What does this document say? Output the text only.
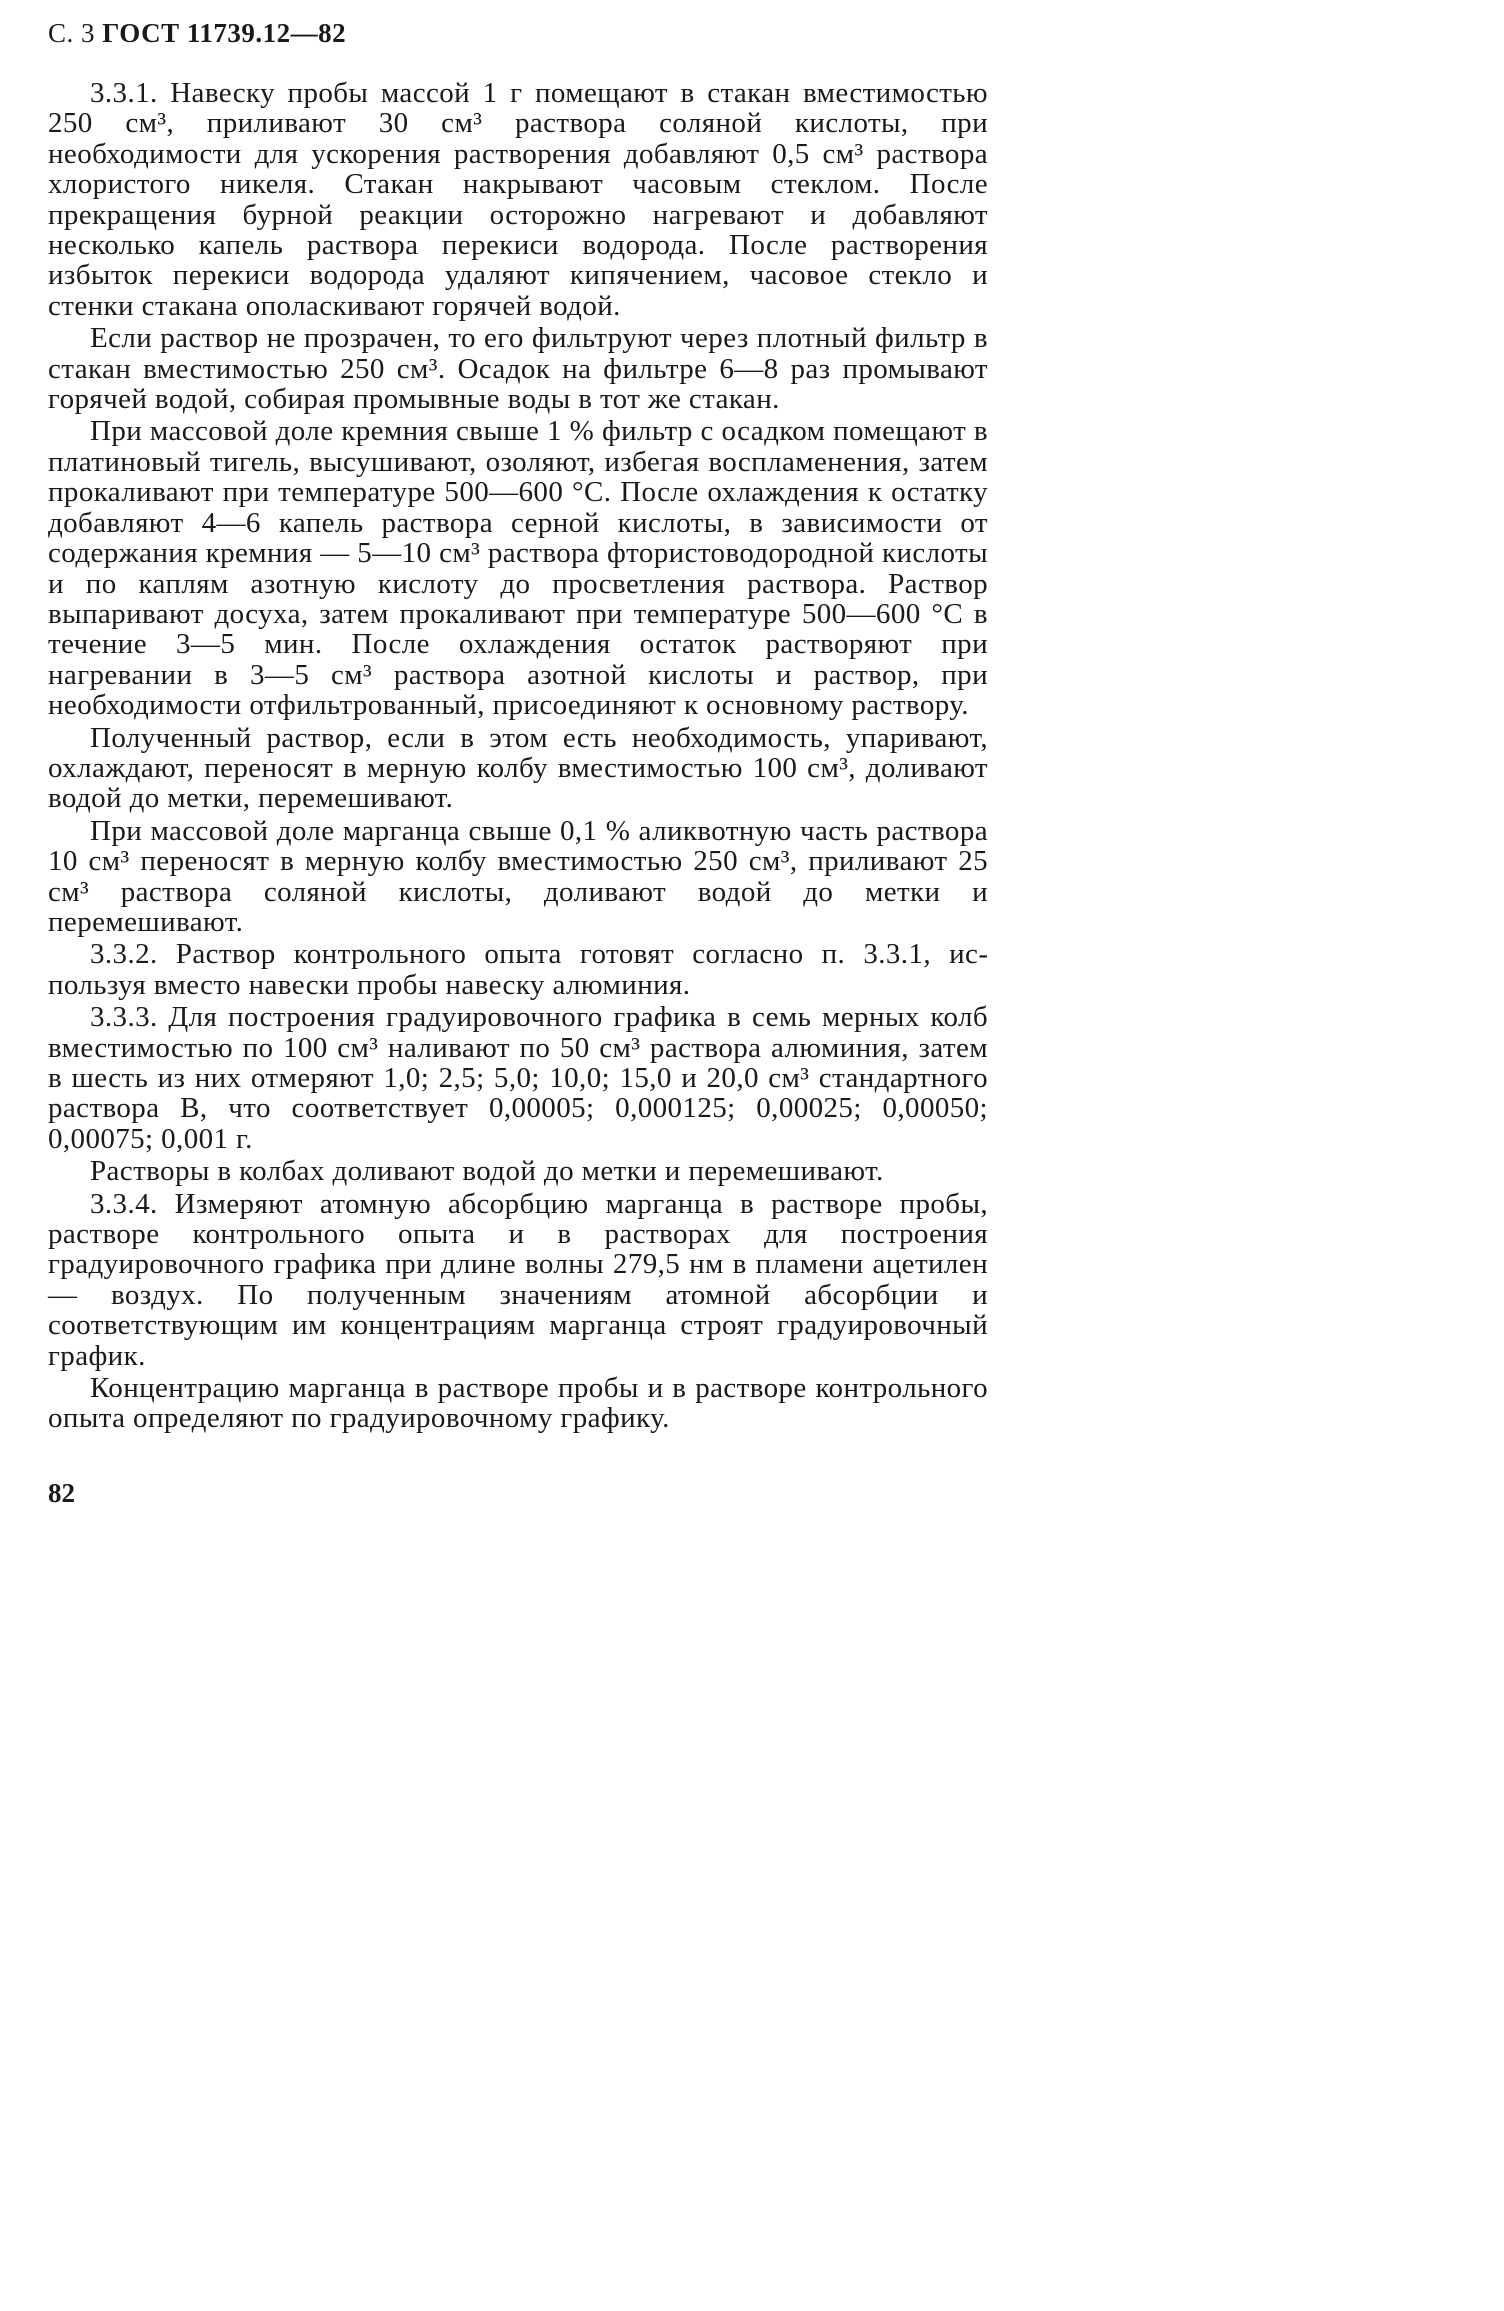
С. 3 ГОСТ 11739.12—82

3.3.1. Навеску пробы массой 1 г помещают в стакан вместимостью 250 см³, приливают 30 см³ раствора соляной кислоты, при необходимости для ускорения растворения добавляют 0,5 см³ раствора хлористого никеля. Стакан накрывают часовым стеклом. После прекращения бурной реакции осторожно нагревают и добавляют несколько капель раствора перекиси водорода. После растворения избыток перекиси водорода удаляют кипячением, часовое стекло и стенки стакана ополаскивают горячей водой.

Если раствор не прозрачен, то его фильтруют через плотный фильтр в стакан вместимостью 250 см³. Осадок на фильтре 6—8 раз промывают горячей водой, собирая промывные воды в тот же стакан.

При массовой доле кремния свыше 1 % фильтр с осадком помещают в платиновый тигель, высушивают, озоляют, избегая воспламенения, затем прокаливают при температуре 500—600 °С. После охлаждения к остатку добавляют 4—6 капель раствора серной кислоты, в зависимости от содержания кремния — 5—10 см³ раствора фтористоводородной кислоты и по каплям азотную кислоту до просветления раствора. Раствор выпаривают досуха, затем прокаливают при температуре 500—600 °С в течение 3—5 мин. После охлаждения остаток растворяют при нагревании в 3—5 см³ раствора азотной кислоты и раствор, при необходимости отфильтрованный, присоединяют к основному раствору.

Полученный раствор, если в этом есть необходимость, упаривают, охлаждают, переносят в мерную колбу вместимостью 100 см³, доливают водой до метки, перемешивают.

При массовой доле марганца свыше 0,1 % аликвотную часть раствора 10 см³ переносят в мерную колбу вместимостью 250 см³, приливают 25 см³ раствора соляной кислоты, доливают водой до метки и перемешивают.

3.3.2. Раствор контрольного опыта готовят согласно п. 3.3.1, используя вместо навески пробы навеску алюминия.

3.3.3. Для построения градуировочного графика в семь мерных колб вместимостью по 100 см³ наливают по 50 см³ раствора алюминия, затем в шесть из них отмеряют 1,0; 2,5; 5,0; 10,0; 15,0 и 20,0 см³ стандартного раствора В, что соответствует 0,00005; 0,000125; 0,00025; 0,00050; 0,00075; 0,001 г.

Растворы в колбах доливают водой до метки и перемешивают.

3.3.4. Измеряют атомную абсорбцию марганца в растворе пробы, растворе контрольного опыта и в растворах для построения градуировочного графика при длине волны 279,5 нм в пламени ацетилен — воздух. По полученным значениям атомной абсорбции и соответствующим им концентрациям марганца строят градуировочный график.

Концентрацию марганца в растворе пробы и в растворе контрольного опыта определяют по градуировочному графику.

82
